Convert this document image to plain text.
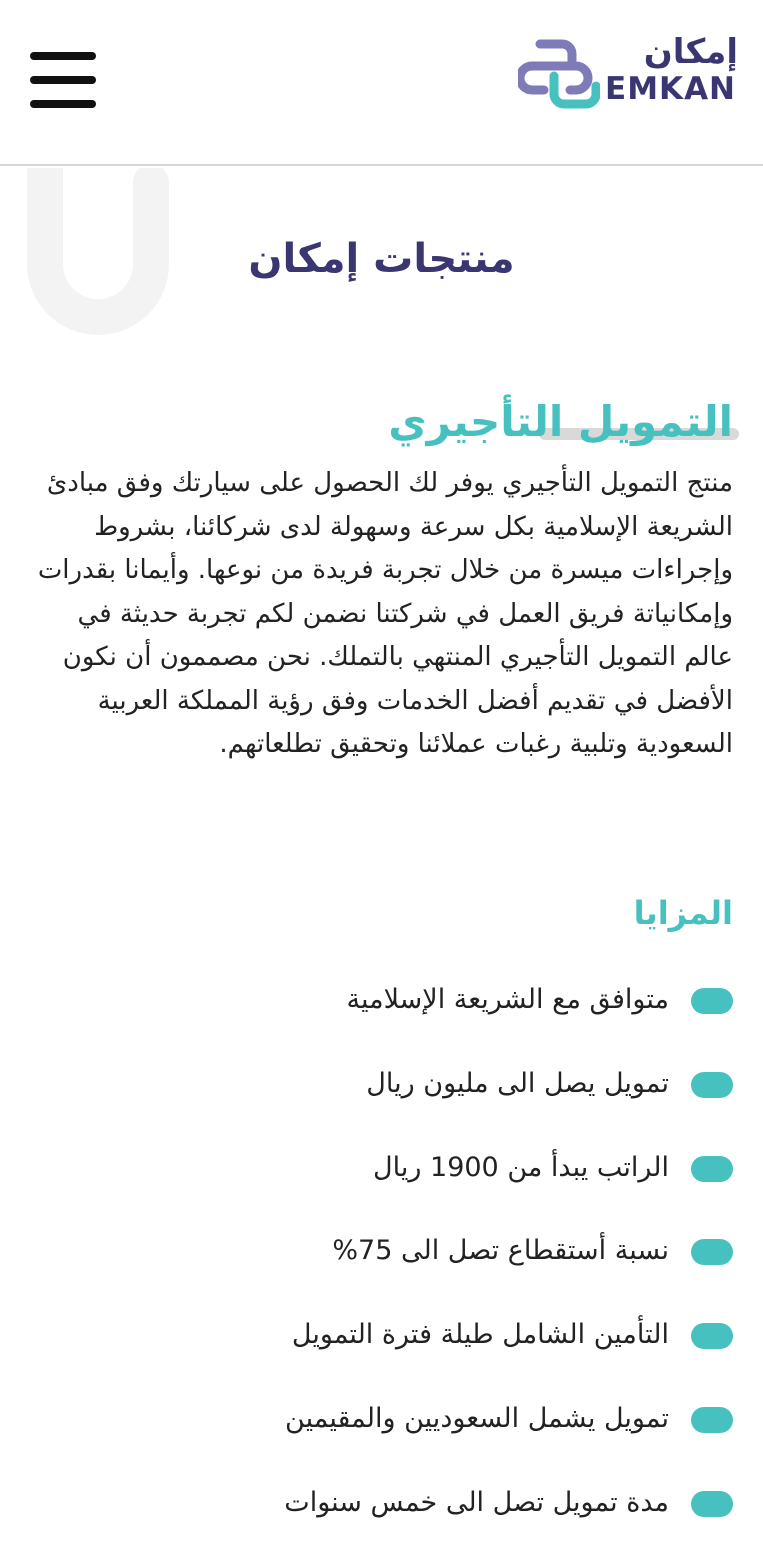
إمكان
EMKAN
منتجات إمكان
التمويل التأجيري

منتج التمويل التأجيري يوفر لك الحصول على سيارتك وفق مبادئ الشريعة الإسلامية بكل سرعة وسهولة لدى شركائنا، بشروط وإجراءات ميسرة من خلال تجربة فريدة من نوعها. وأيمانا بقدرات وإمكانياتة فريق العمل في شركتنا نضمن لكم تجربة حديثة في عالم التمويل التأجيري المنتهي بالتملك. نحن مصممون أن نكون الأفضل في تقديم أفضل الخدمات وفق رؤية المملكة العربية السعودية وتلبية رغبات عملائنا وتحقيق تطلعاتهم.

المزايا
متوافق مع الشريعة الإسلامية
تمويل يصل الى مليون ريال
الراتب يبدأ من 1900 ريال
نسبة أستقطاع تصل الى 75%
التأمين الشامل طيلة فترة التمويل
تمويل يشمل السعوديين والمقيمين
مدة تمويل تصل الى خمس سنوات
